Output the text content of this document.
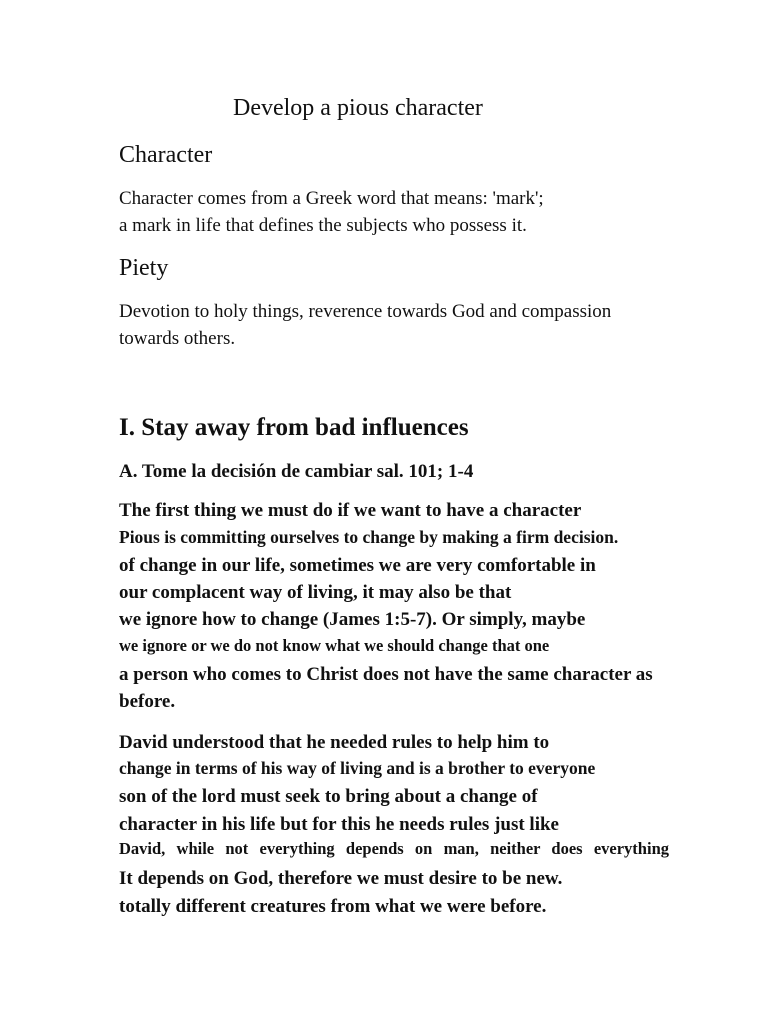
Develop a pious character
Character
Character comes from a Greek word that means: 'mark';
a mark in life that defines the subjects who possess it.
Piety
Devotion to holy things, reverence towards God and compassion
towards others.
I. Stay away from bad influences
A. Tome la decisión de cambiar sal. 101; 1-4
The first thing we must do if we want to have a character
Pious is committing ourselves to change by making a firm decision.
of change in our life, sometimes we are very comfortable in
our complacent way of living, it may also be that
we ignore how to change (James 1:5-7). Or simply, maybe
we ignore or we do not know what we should change that one
a person who comes to Christ does not have the same character as
before.
David understood that he needed rules to help him to
change in terms of his way of living and is a brother to everyone
son of the lord must seek to bring about a change of
character in his life but for this he needs rules just like
David, while not everything depends on man, neither does everything
It depends on God, therefore we must desire to be new.
totally different creatures from what we were before.
